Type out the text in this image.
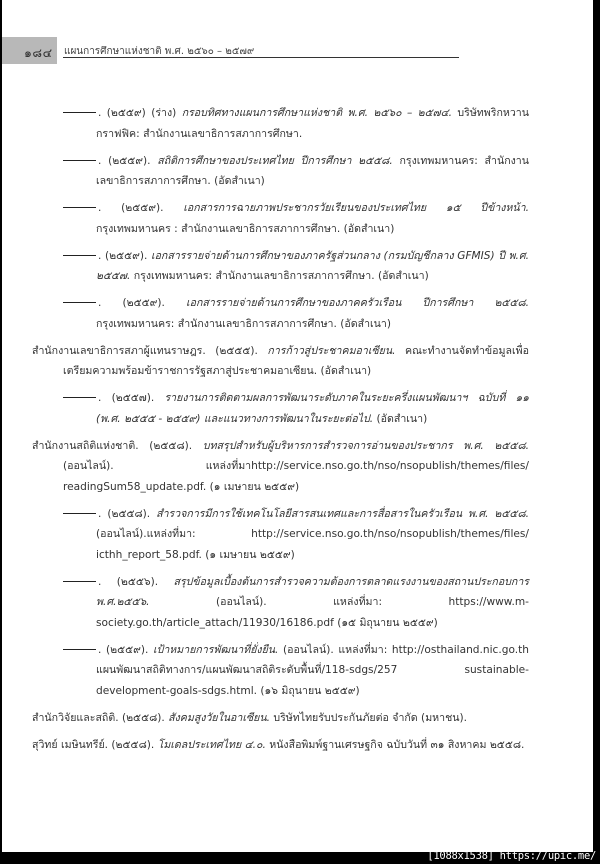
๑๘๔ แผนการศึกษาแห่งชาติ พ.ศ. ๒๕๖๐ – ๒๕๗๙
. (๒๕๕๙) (ร่าง) กรอบทิศทางแผนการศึกษาแห่งชาติ พ.ศ. ๒๕๖๐ – ๒๕๗๔. บริษัทพริกหวาน กราฟฟิค: สำนักงานเลขาธิการสภาการศึกษา.
. (๒๕๕๙). สถิติการศึกษาของประเทศไทย ปีการศึกษา ๒๕๕๘. กรุงเทพมหานคร: สำนักงานเลขาธิการสภาการศึกษา. (อัดสำเนา)
. (๒๕๕๙). เอกสารการฉายภาพประชากรวัยเรียนของประเทศไทย ๑๕ ปีข้างหน้า. กรุงเทพมหานคร : สำนักงานเลขาธิการสภาการศึกษา. (อัดสำเนา)
. (๒๕๕๙). เอกสารรายจ่ายด้านการศึกษาของภาครัฐส่วนกลาง (กรมบัญชีกลาง GFMIS) ปี พ.ศ. ๒๕๕๗. กรุงเทพมหานคร: สำนักงานเลขาธิการสภาการศึกษา. (อัดสำเนา)
. (๒๕๕๙). เอกสารรายจ่ายด้านการศึกษาของภาคครัวเรือน ปีการศึกษา ๒๕๕๘. กรุงเทพมหานคร: สำนักงานเลขาธิการสภาการศึกษา. (อัดสำเนา)
สำนักงานเลขาธิการสภาผู้แทนราษฎร. (๒๕๕๕). การก้าวสู่ประชาคมอาเซียน. คณะทำงานจัดทำข้อมูลเพื่อเตรียมความพร้อมข้าราชการรัฐสภาสู่ประชาคมอาเซียน. (อัดสำเนา)
. (๒๕๕๗). รายงานการติดตามผลการพัฒนาระดับภาคในระยะครึ่งแผนพัฒนาฯ ฉบับที่ ๑๑ (พ.ศ. ๒๕๕๕ - ๒๕๕๙) และแนวทางการพัฒนาในระยะต่อไป. (อัดสำเนา)
สำนักงานสถิติแห่งชาติ. (๒๕๕๘). บทสรุปสำหรับผู้บริหารการสำรวจการอ่านของประชากร พ.ศ. ๒๕๕๘. (ออนไลน์). แหล่งที่มาhttp://service.nso.go.th/nso/nsopublish/themes/files/ readingSum58_update.pdf. (๑ เมษายน ๒๕๕๙)
. (๒๕๕๘). สำรวจการมีการใช้เทคโนโลยีสารสนเทศและการสื่อสารในครัวเรือน พ.ศ. ๒๕๕๘. (ออนไลน์).แหล่งที่มา: http://service.nso.go.th/nso/nsopublish/themes/files/ icthh_report_58.pdf. (๑ เมษายน ๒๕๕๙)
. (๒๕๕๖). สรุปข้อมูลเบื้องต้นการสำรวจความต้องการตลาดแรงงานของสถานประกอบการ พ.ศ.๒๕๕๖. (ออนไลน์). แหล่งที่มา: https://www.m-society.go.th/article_attach/11930/16186.pdf (๑๕ มิถุนายน ๒๕๕๙)
. (๒๕๕๙). เป้าหมายการพัฒนาที่ยั่งยืน. (ออนไลน์). แหล่งที่มา: http://osthailand.nic.go.th แผนพัฒนาสถิติทางการ/แผนพัฒนาสถิติระดับพื้นที่/118-sdgs/257 sustainable-development-goals-sdgs.html. (๑๖ มิถุนายน ๒๕๕๙)
สำนักวิจัยและสถิติ. (๒๕๕๘). สังคมสูงวัยในอาเซียน. บริษัทไทยรับประกันภัยต่อ จำกัด (มหาชน).
สุวิทย์ เมษินทรีย์. (๒๕๕๘). โมเดลประเทศไทย ๔.๐. หนังสือพิมพ์ฐานเศรษฐกิจ ฉบับวันที่ ๓๑ สิงหาคม ๒๕๕๘.
[1088x1538] https://upic.me/
